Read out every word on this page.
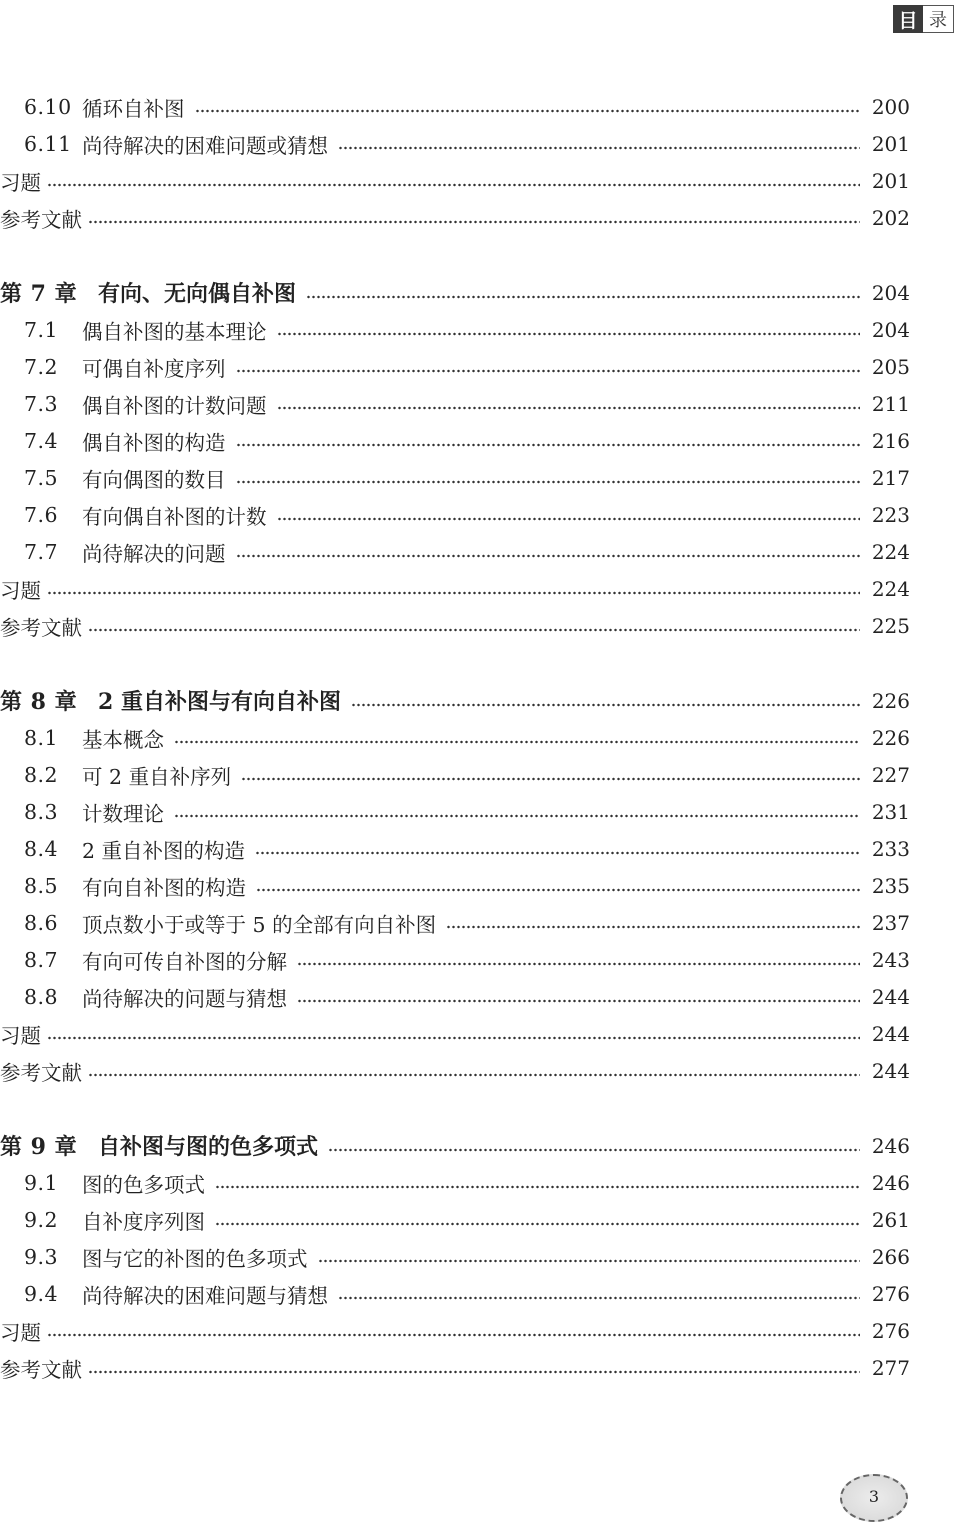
目 录
6.10 循环自补图	200
6.11 尚待解决的困难问题或猜想	201
习题	201
参考文献	202
第 7 章 有向、无向偶自补图	204
7.1	偶自补图的基本理论	204
7.2	可偶自补度序列	205
7.3	偶自补图的计数问题	211
7.4	偶自补图的构造	216
7.5	有向偶图的数目	217
7.6	有向偶自补图的计数	223
7.7	尚待解决的问题	224
习题	224
参考文献	225
第 8 章 2 重自补图与有向自补图	226
8.1	基本概念	226
8.2	可 2 重自补序列	227
8.3	计数理论	231
8.4	2 重自补图的构造	233
8.5	有向自补图的构造	235
8.6	顶点数小于或等于 5 的全部有向自补图	237
8.7	有向可传自补图的分解	243
8.8	尚待解决的问题与猜想	244
习题	244
参考文献	244
第 9 章 自补图与图的色多项式	246
9.1	图的色多项式	246
9.2	自补度序列图	261
9.3	图与它的补图的色多项式	266
9.4	尚待解决的困难问题与猜想	276
习题	276
参考文献	277
3
